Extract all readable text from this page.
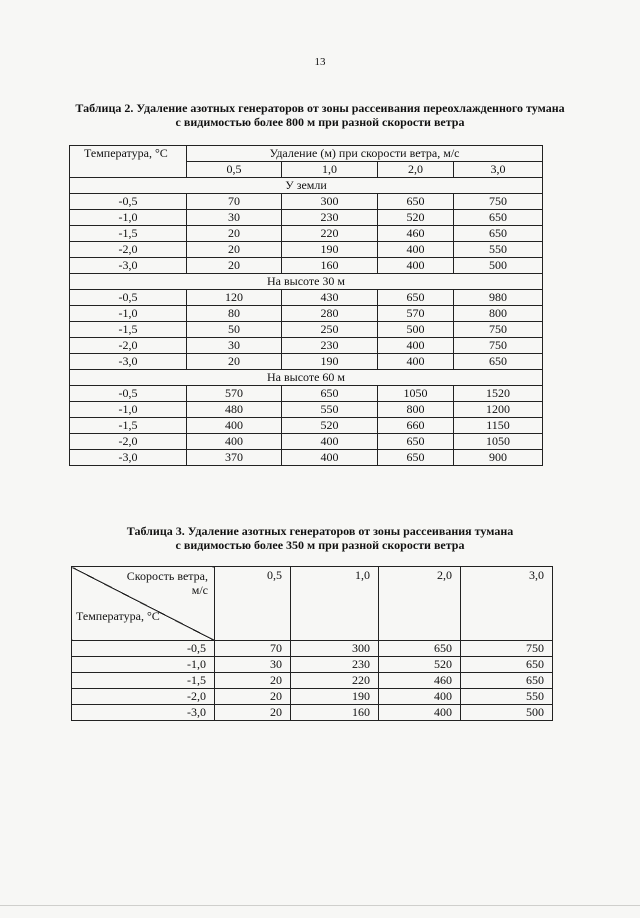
13
Таблица 2. Удаление азотных генераторов от зоны рассеивания переохлажденного тумана
с видимостью более 800 м при разной скорости ветра
Температура, °С	Удаление (м) при скорости ветра, м/с			
	0,5	1,0	2,0	3,0
У земли				
-0,5	70	300	650	750
-1,0	30	230	520	650
-1,5	20	220	460	650
-2,0	20	190	400	550
-3,0	20	160	400	500
На высоте 30 м				
-0,5	120	430	650	980
-1,0	80	280	570	800
-1,5	50	250	500	750
-2,0	30	230	400	750
-3,0	20	190	400	650
На высоте 60 м				
-0,5	570	650	1050	1520
-1,0	480	550	800	1200
-1,5	400	520	660	1150
-2,0	400	400	650	1050
-3,0	370	400	650	900
Таблица 3. Удаление азотных генераторов от зоны рассеивания тумана
с видимостью более 350 м при разной скорости ветра
Скорость ветра,
м/с
Температура, °С	0,5	1,0	2,0	3,0
-0,5	70	300	650	750
-1,0	30	230	520	650
-1,5	20	220	460	650
-2,0	20	190	400	550
-3,0	20	160	400	500
